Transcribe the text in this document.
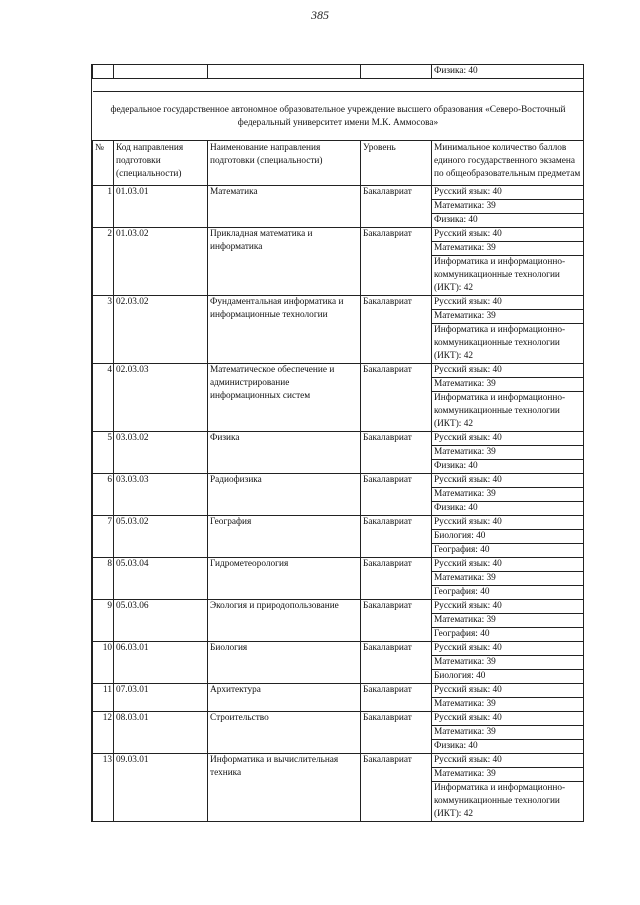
385
				Физика: 40

федеральное государственное автономное образовательное учреждение высшего образования «Северо-Восточный федеральный университет имени М.К. Аммосова»				
№	Код направления подготовки (специальности)	Наименование направления подготовки (специальности)	Уровень	Минимальное количество баллов единого государственного экзамена по общеобразовательным предметам
1	01.03.01	Математика	Бакалавриат	Русский язык: 40
				Математика: 39
				Физика: 40
2	01.03.02	Прикладная математика и информатика	Бакалавриат	Русский язык: 40
				Математика: 39
				Информатика и информационно-коммуникационные технологии (ИКТ): 42
3	02.03.02	Фундаментальная информатика и информационные технологии	Бакалавриат	Русский язык: 40
				Математика: 39
				Информатика и информационно-коммуникационные технологии (ИКТ): 42
4	02.03.03	Математическое обеспечение и администрирование информационных систем	Бакалавриат	Русский язык: 40
				Математика: 39
				Информатика и информационно-коммуникационные технологии (ИКТ): 42
5	03.03.02	Физика	Бакалавриат	Русский язык: 40
				Математика: 39
				Физика: 40
6	03.03.03	Радиофизика	Бакалавриат	Русский язык: 40
				Математика: 39
				Физика: 40
7	05.03.02	География	Бакалавриат	Русский язык: 40
				Биология: 40
				География: 40
8	05.03.04	Гидрометеорология	Бакалавриат	Русский язык: 40
				Математика: 39
				География: 40
9	05.03.06	Экология и природопользование	Бакалавриат	Русский язык: 40
				Математика: 39
				География: 40
10	06.03.01	Биология	Бакалавриат	Русский язык: 40
				Математика: 39
				Биология: 40
11	07.03.01	Архитектура	Бакалавриат	Русский язык: 40
				Математика: 39
12	08.03.01	Строительство	Бакалавриат	Русский язык: 40
				Математика: 39
				Физика: 40
13	09.03.01	Информатика и вычислительная техника	Бакалавриат	Русский язык: 40
				Математика: 39
				Информатика и информационно-коммуникационные технологии (ИКТ): 42
